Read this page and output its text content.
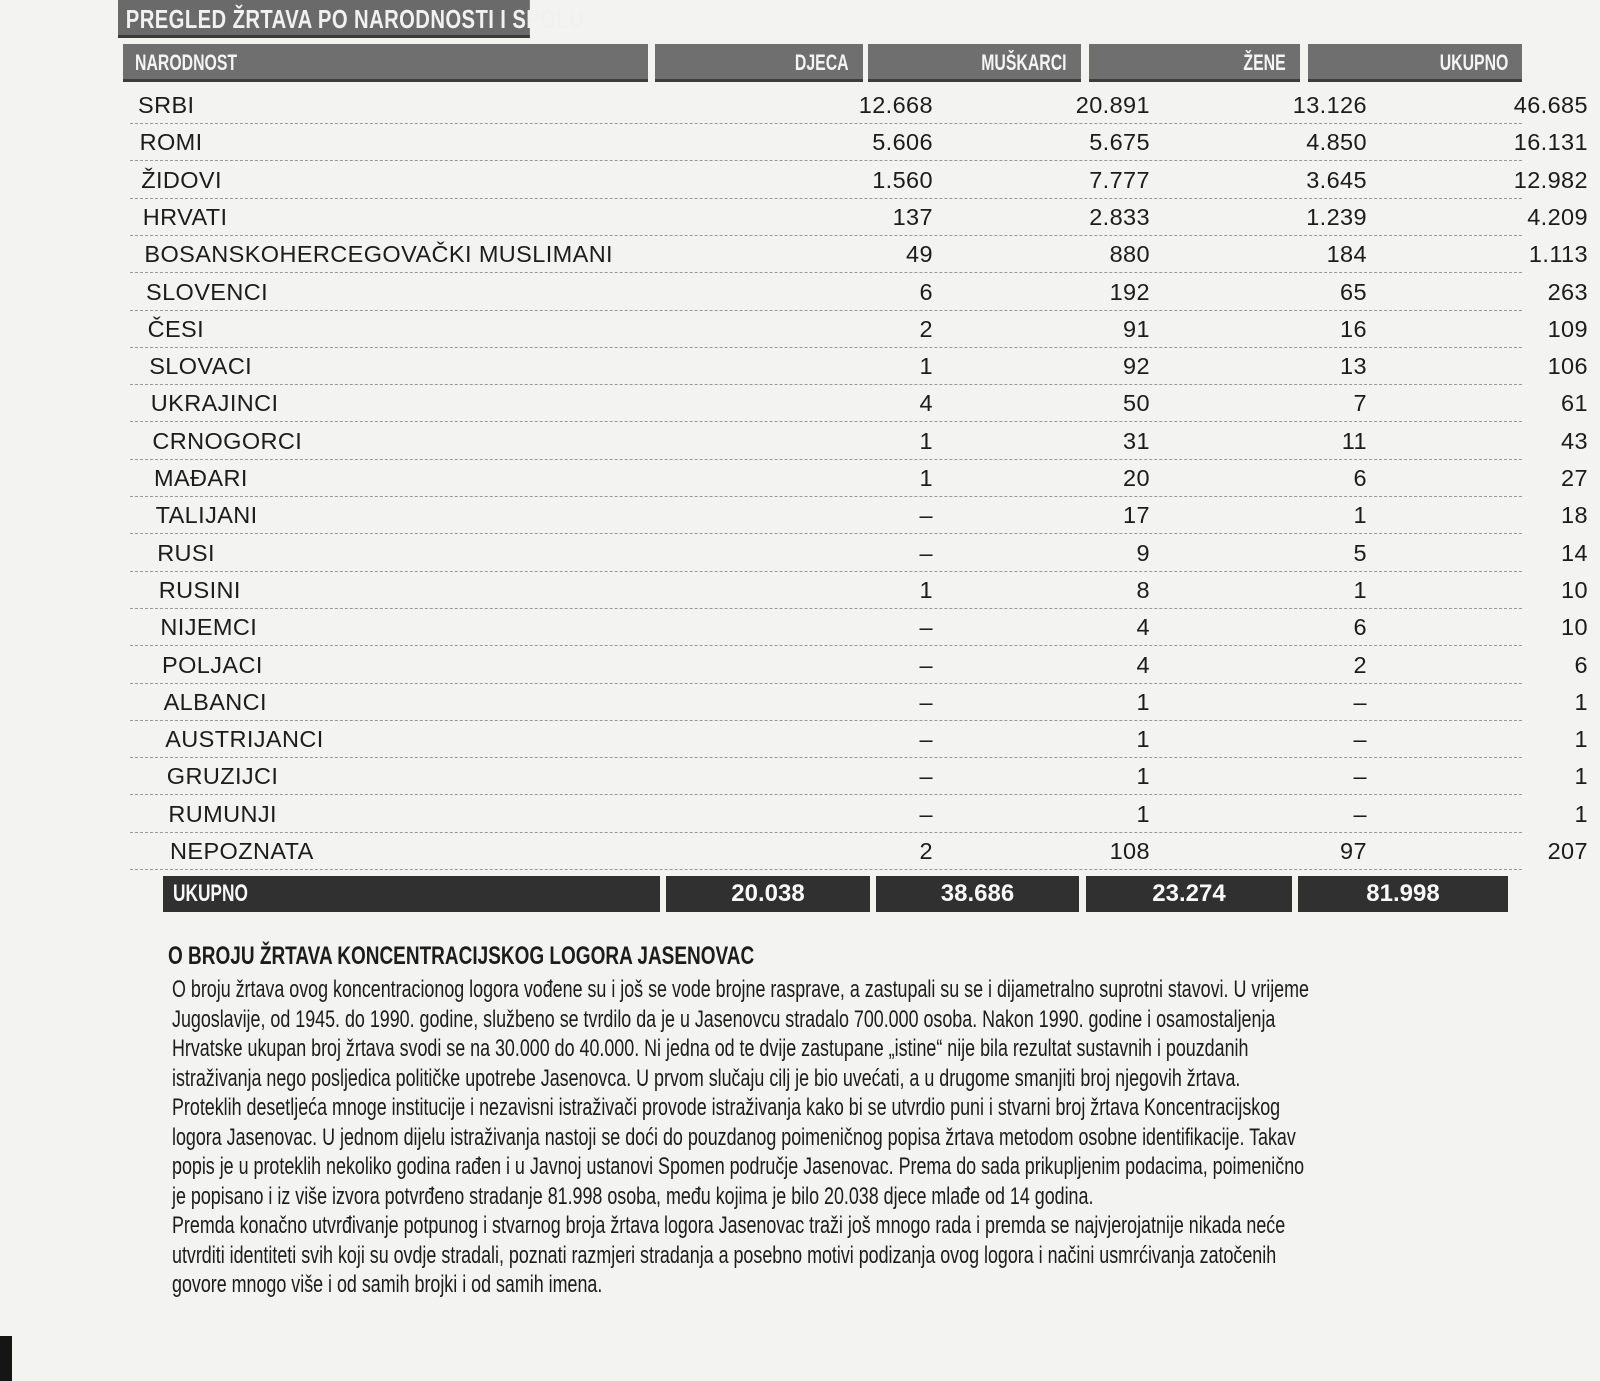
PREGLED ŽRTAVA PO NARODNOSTI I SPOLU
NARODNOST	DJECA	MUŠKARCI	ŽENE	UKUPNO
SRBI	12.668	20.891	13.126	46.685
ROMI	5.606	5.675	4.850	16.131
ŽIDOVI	1.560	7.777	3.645	12.982
HRVATI	137	2.833	1.239	4.209
BOSANSKOHERCEGOVAČKI MUSLIMANI	49	880	184	1.113
SLOVENCI	6	192	65	263
ČESI	2	91	16	109
SLOVACI	1	92	13	106
UKRAJINCI	4	50	7	61
CRNOGORCI	1	31	11	43
MAĐARI	1	20	6	27
TALIJANI	–	17	1	18
RUSI	–	9	5	14
RUSINI	1	8	1	10
NIJEMCI	–	4	6	10
POLJACI	–	4	2	6
ALBANCI	–	1	–	1
AUSTRIJANCI	–	1	–	1
GRUZIJCI	–	1	–	1
RUMUNJI	–	1	–	1
NEPOZNATA	2	108	97	207
UKUPNO	20.038	38.686	23.274	81.998
O BROJU ŽRTAVA KONCENTRACIJSKOG LOGORA JASENOVAC
O broju žrtava ovog koncentracionog logora vođene su i još se vode brojne rasprave, a zastupali su se i dijametralno suprotni stavovi. U vrijeme
Jugoslavije, od 1945. do 1990. godine, službeno se tvrdilo da je u Jasenovcu stradalo 700.000 osoba. Nakon 1990. godine i osamostaljenja
Hrvatske ukupan broj žrtava svodi se na 30.000 do 40.000. Ni jedna od te dvije zastupane „istine“ nije bila rezultat sustavnih i pouzdanih
istraživanja nego posljedica političke upotrebe Jasenovca. U prvom slučaju cilj je bio uvećati, a u drugome smanjiti broj njegovih žrtava.
Proteklih desetljeća mnoge institucije i nezavisni istraživači provode istraživanja kako bi se utvrdio puni i stvarni broj žrtava Koncentracijskog
logora Jasenovac. U jednom dijelu istraživanja nastoji se doći do pouzdanog poimeničnog popisa žrtava metodom osobne identifikacije. Takav
popis je u proteklih nekoliko godina rađen i u Javnoj ustanovi Spomen područje Jasenovac. Prema do sada prikupljenim podacima, poimenično
je popisano i iz više izvora potvrđeno stradanje 81.998 osoba, među kojima je bilo 20.038 djece mlađe od 14 godina.
Premda konačno utvrđivanje potpunog i stvarnog broja žrtava logora Jasenovac traži još mnogo rada i premda se najvjerojatnije nikada neće
utvrditi identiteti svih koji su ovdje stradali, poznati razmjeri stradanja a posebno motivi podizanja ovog logora i načini usmrćivanja zatočenih
govore mnogo više i od samih brojki i od samih imena.
